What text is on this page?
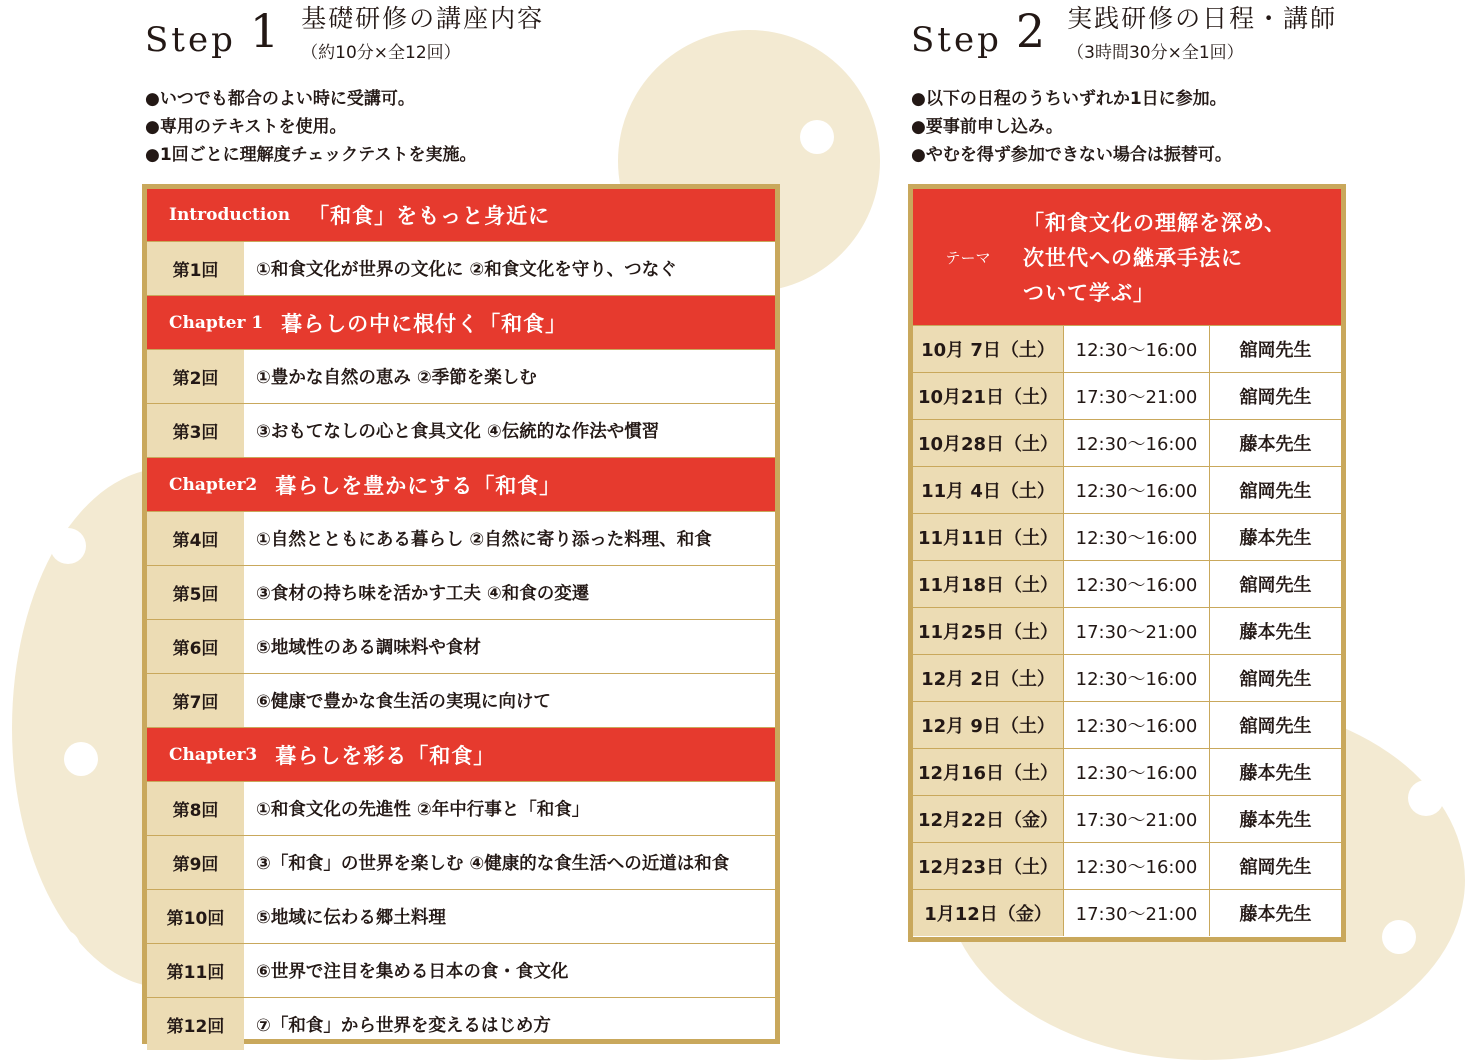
Step 1 基礎研修の講座内容
（約10分×全12回）
●いつでも都合のよい時に受講可。
●専用のテキストを使用。
●1回ごとに理解度チェックテストを実施。
Introduction 「和食」をもっと身近に
第1回	①和食文化が世界の文化に ②和食文化を守り、つなぐ
Chapter 1 暮らしの中に根付く「和食」
第2回	①豊かな自然の恵み ②季節を楽しむ
第3回	③おもてなしの心と食具文化 ④伝統的な作法や慣習
Chapter2 暮らしを豊かにする「和食」
第4回	①自然とともにある暮らし ②自然に寄り添った料理、和食
第5回	③食材の持ち味を活かす工夫 ④和食の変遷
第6回	⑤地域性のある調味料や食材
第7回	⑥健康で豊かな食生活の実現に向けて
Chapter3 暮らしを彩る「和食」
第8回	①和食文化の先進性 ②年中行事と「和食」
第9回	③「和食」の世界を楽しむ ④健康的な食生活への近道は和食
第10回	⑤地域に伝わる郷土料理
第11回	⑥世界で注目を集める日本の食・食文化
第12回	⑦「和食」から世界を変えるはじめ方
Step 2 実践研修の日程・講師
（3時間30分×全1回）
●以下の日程のうちいずれか1日に参加。
●要事前申し込み。
●やむを得ず参加できない場合は振替可。
テーマ
「和食文化の理解を深め、
次世代への継承手法に
ついて学ぶ」
10月 7日（土）	12:30〜16:00	舘岡先生
10月21日（土） 17:30〜21:00	舘岡先生
10月28日（土） 12:30〜16:00	藤本先生
11月 4日（土）	12:30〜16:00	舘岡先生
11月11日（土） 12:30〜16:00	藤本先生
11月18日（土） 12:30〜16:00	舘岡先生
11月25日（土） 17:30〜21:00	藤本先生
12月 2日（土）	12:30〜16:00	舘岡先生
12月 9日（土）	12:30〜16:00	舘岡先生
12月16日（土） 12:30〜16:00	藤本先生
12月22日（金） 17:30〜21:00	藤本先生
12月23日（土） 12:30〜16:00	舘岡先生
1月12日（金）	17:30〜21:00	藤本先生
